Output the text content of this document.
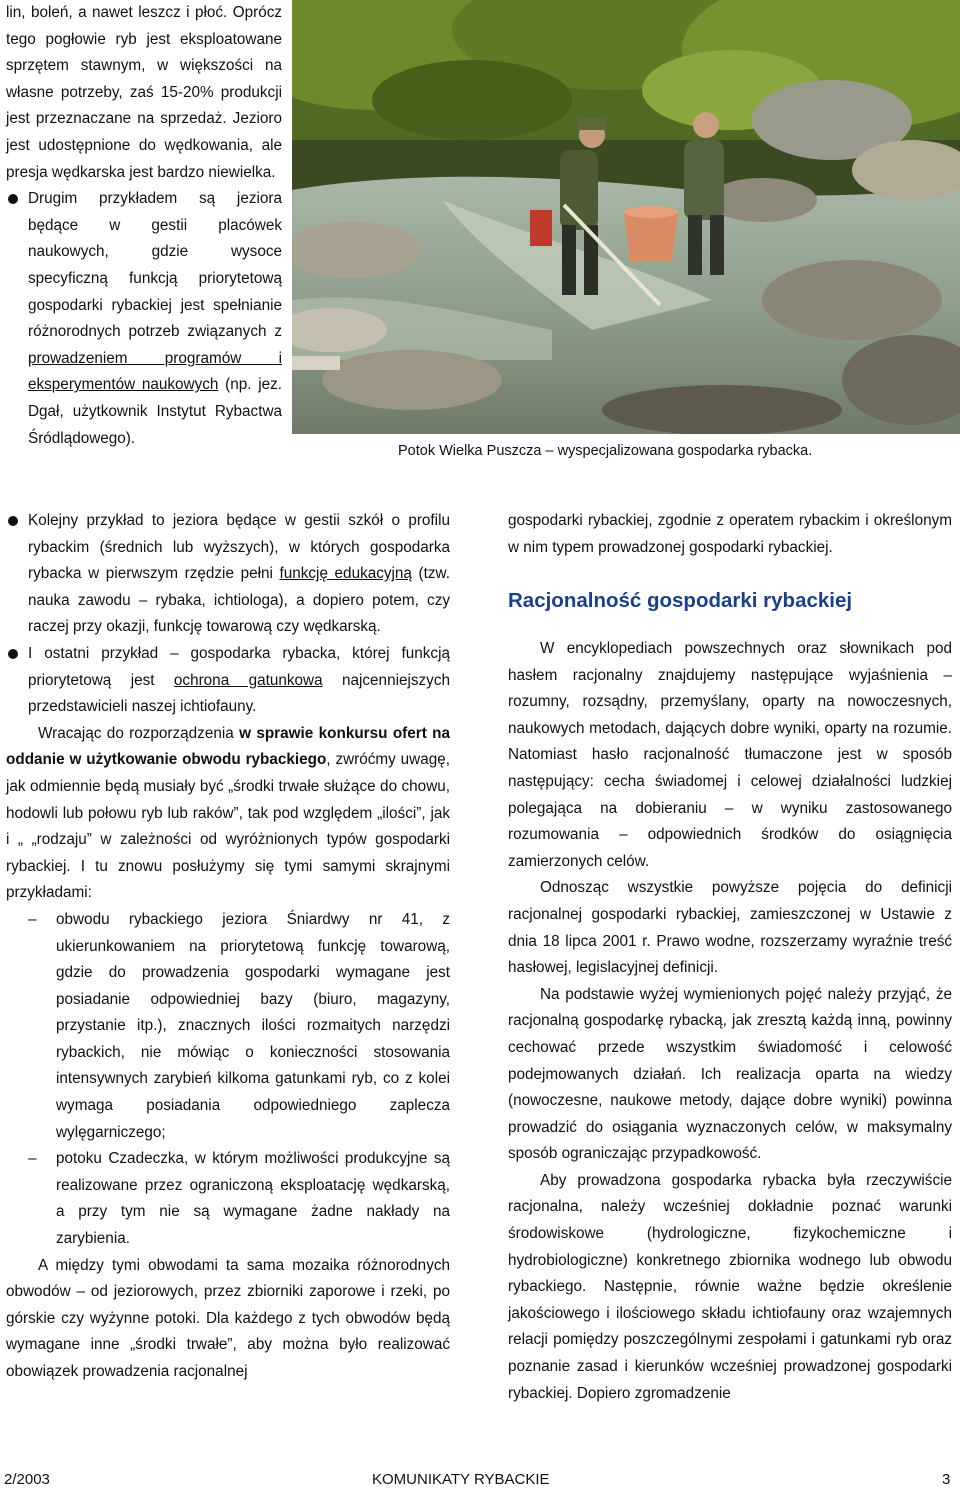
lin, boleń, a nawet leszcz i płoć. Oprócz tego pogłowie ryb jest eksploatowane sprzętem stawnym, w większości na własne potrzeby, zaś 15-20% produkcji jest przeznaczane na sprzedaż. Jezioro jest udostępnione do wędkowania, ale presja wędkarska jest bardzo niewielka.

Drugim przykładem są jeziora będące w gestii placówek naukowych, gdzie wysoce specyficzną funkcją priorytetową gospodarki rybackiej jest spełnianie różnorodnych potrzeb związanych z prowadzeniem programów i eksperymentów naukowych (np. jez. Dgał, użytkownik Instytut Rybactwa Śródlądowego).
Potok Wielka Puszcza – wyspecjalizowana gospodarka rybacka.
Kolejny przykład to jeziora będące w gestii szkół o profilu rybackim (średnich lub wyższych), w których gospodarka rybacka w pierwszym rzędzie pełni funkcję edukacyjną (tzw. nauka zawodu – rybaka, ichtiologa), a dopiero potem, czy raczej przy okazji, funkcję towarową czy wędkarską.
I ostatni przykład – gospodarka rybacka, której funkcją priorytetową jest ochrona gatunkowa najcenniejszych przedstawicieli naszej ichtiofauny.

Wracając do rozporządzenia w sprawie konkursu ofert na oddanie w użytkowanie obwodu rybackiego, zwróćmy uwagę, jak odmiennie będą musiały być „środki trwałe służące do chowu, hodowli lub połowu ryb lub raków”, tak pod względem „ilości”, jak i „ „rodzaju” w zależności od wyróżnionych typów gospodarki rybackiej. I tu znowu posłużymy się tymi samymi skrajnymi przykładami:

– obwodu rybackiego jeziora Śniardwy nr 41, z ukierunkowaniem na priorytetową funkcję towarową, gdzie do prowadzenia gospodarki wymagane jest posiadanie odpowiedniej bazy (biuro, magazyny, przystanie itp.), znacznych ilości rozmaitych narzędzi rybackich, nie mówiąc o konieczności stosowania intensywnych zarybień kilkoma gatunkami ryb, co z kolei wymaga posiadania odpowiedniego zaplecza wylęgarniczego;
– potoku Czadeczka, w którym możliwości produkcyjne są realizowane przez ograniczoną eksploatację wędkarską, a przy tym nie są wymagane żadne nakłady na zarybienia.

A między tymi obwodami ta sama mozaika różnorodnych obwodów – od jeziorowych, przez zbiorniki zaporowe i rzeki, po górskie czy wyżynne potoki. Dla każdego z tych obwodów będą wymagane inne „środki trwałe”, aby można było realizować obowiązek prowadzenia racjonalnej

gospodarki rybackiej, zgodnie z operatem rybackim i określonym w nim typem prowadzonej gospodarki rybackiej.

Racjonalność gospodarki rybackiej

W encyklopediach powszechnych oraz słownikach pod hasłem racjonalny znajdujemy następujące wyjaśnienia – rozumny, rozsądny, przemyślany, oparty na nowoczesnych, naukowych metodach, dających dobre wyniki, oparty na rozumie. Natomiast hasło racjonalność tłumaczone jest w sposób następujący: cecha świadomej i celowej działalności ludzkiej polegająca na dobieraniu – w wyniku zastosowanego rozumowania – odpowiednich środków do osiągnięcia zamierzonych celów.

Odnosząc wszystkie powyższe pojęcia do definicji racjonalnej gospodarki rybackiej, zamieszczonej w Ustawie z dnia 18 lipca 2001 r. Prawo wodne, rozszerzamy wyraźnie treść hasłowej, legislacyjnej definicji.

Na podstawie wyżej wymienionych pojęć należy przyjąć, że racjonalną gospodarkę rybacką, jak zresztą każdą inną, powinny cechować przede wszystkim świadomość i celowość podejmowanych działań. Ich realizacja oparta na wiedzy (nowoczesne, naukowe metody, dające dobre wyniki) powinna prowadzić do osiągania wyznaczonych celów, w maksymalny sposób ograniczając przypadkowość.

Aby prowadzona gospodarka rybacka była rzeczywiście racjonalna, należy wcześniej dokładnie poznać warunki środowiskowe (hydrologiczne, fizykochemiczne i hydrobiologiczne) konkretnego zbiornika wodnego lub obwodu rybackiego. Następnie, równie ważne będzie określenie jakościowego i ilościowego składu ichtiofauny oraz wzajemnych relacji pomiędzy poszczególnymi zespołami i gatunkami ryb oraz poznanie zasad i kierunków wcześniej prowadzonej gospodarki rybackiej. Dopiero zgromadzenie

2/2003	KOMUNIKATY RYBACKIE	3
